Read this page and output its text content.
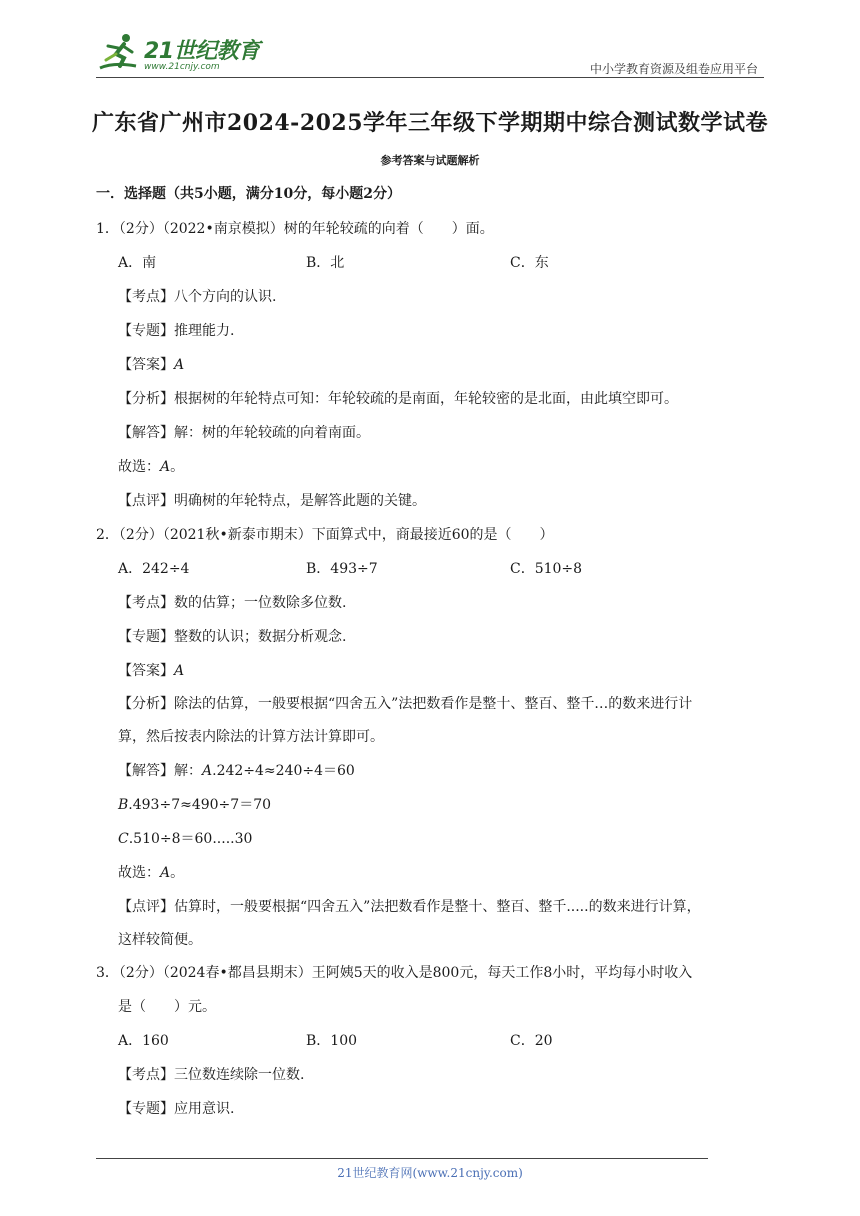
21世纪教育
www.21cnjy.com	中小学教育资源及组卷应用平台
广东省广州市2024-2025学年三年级下学期期中综合测试数学试卷
参考答案与试题解析
一．选择题（共5小题，满分10分，每小题2分）
1．（2分）（2022•南京模拟）树的年轮较疏的向着（　　）面。
A．南	B．北	C．东
【考点】八个方向的认识.
【专题】推理能力.
【答案】A
【分析】根据树的年轮特点可知：年轮较疏的是南面，年轮较密的是北面，由此填空即可。
【解答】解：树的年轮较疏的向着南面。
故选：A。
【点评】明确树的年轮特点，是解答此题的关键。
2．（2分）（2021秋•新泰市期末）下面算式中，商最接近60的是（　　）
A．242÷4	B．493÷7	C．510÷8
【考点】数的估算；一位数除多位数.
【专题】整数的认识；数据分析观念.
【答案】A
【分析】除法的估算，一般要根据“四舍五入”法把数看作是整十、整百、整千…的数来进行计
算，然后按表内除法的计算方法计算即可。
【解答】解：A.242÷4≈240÷4＝60
B.493÷7≈490÷7＝70
C.510÷8＝60.....30
故选：A。
【点评】估算时，一般要根据“四舍五入”法把数看作是整十、整百、整千.....的数来进行计算，
这样较简便。
3．（2分）（2024春•都昌县期末）王阿姨5天的收入是800元，每天工作8小时，平均每小时收入
是（　　）元。
A．160	B．100	C．20
【考点】三位数连续除一位数.
【专题】应用意识.
21世纪教育网(www.21cnjy.com)
